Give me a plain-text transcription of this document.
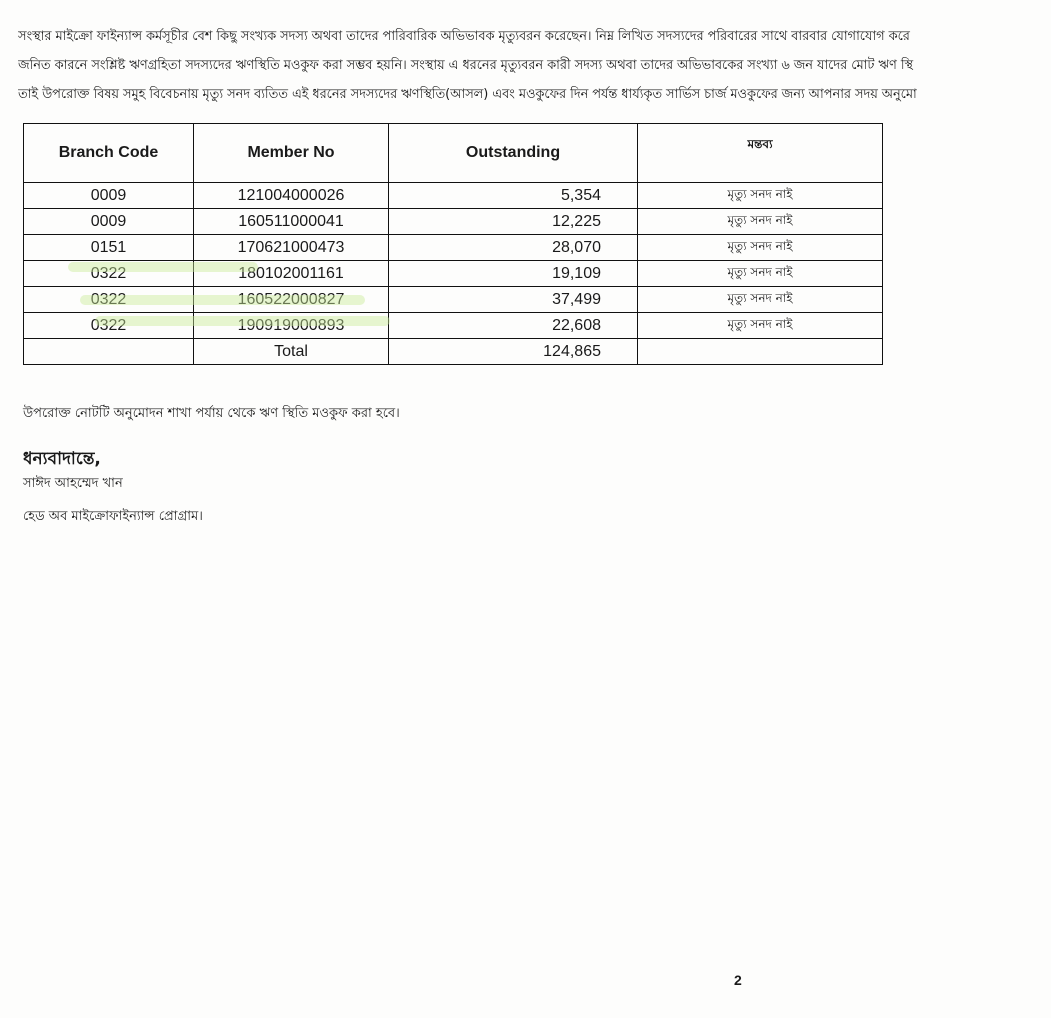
সংস্থার মাইক্রো ফাইন্যান্স কর্মসূচীর বেশ কিছু সংখ্যক সদস্য অথবা তাদের পারিবারিক অভিভাবক মৃত্যুবরন করেছেন। নিম্ন লিখিত সদস্যদের পরিবারের সাথে বারবার যোগাযোগ করে
জনিত কারনে সংশ্লিষ্ট ঋণগ্রহিতা সদস্যদের ঋণস্থিতি মওকুফ করা সম্ভব হয়নি। সংস্থায় এ ধরনের মৃত্যুবরন কারী সদস্য অথবা তাদের অভিভাবকের সংখ্যা ৬ জন যাদের মোট ঋণ স্থি
তাই উপরোক্ত বিষয় সমুহ বিবেচনায় মৃত্যু সনদ ব্যতিত এই ধরনের সদস্যদের ঋণস্থিতি(আসল) এবং মওকুফের দিন পর্যন্ত ধার্য্যকৃত সার্ভিস চার্জ মওকুফের জন্য আপনার সদয় অনুমো
Branch Code	Member No	Outstanding	মন্তব্য
0009	121004000026	5,354	মৃত্যু সনদ নাই
0009	160511000041	12,225	মৃত্যু সনদ নাই
0151	170621000473	28,070	মৃত্যু সনদ নাই
0322	180102001161	19,109	মৃত্যু সনদ নাই
0322	160522000827	37,499	মৃত্যু সনদ নাই
0322	190919000893	22,608	মৃত্যু সনদ নাই
	Total	124,865	
উপরোক্ত নোটটি অনুমোদন শাখা পর্যায় থেকে ঋণ স্থিতি মওকুফ করা হবে।
ধন্যবাদান্তে,
সাঈদ আহম্মেদ খান
হেড অব মাইক্রোফাইন্যান্স প্রোগ্রাম।
2
